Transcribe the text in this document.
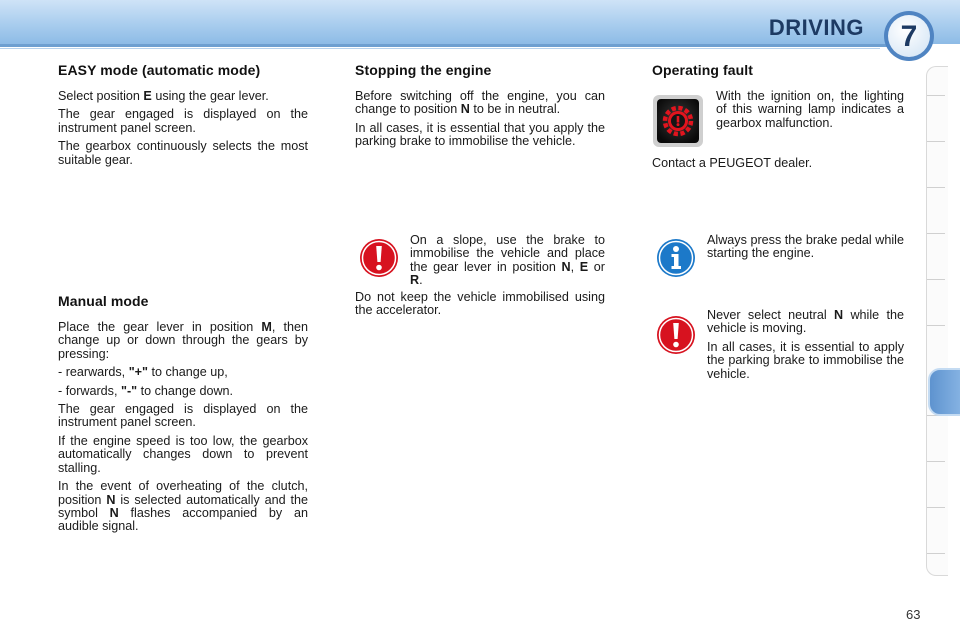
DRIVING 7
EASY mode (automatic mode)

Select position E using the gear lever.

The gear engaged is displayed on the instrument panel screen.

The gearbox continuously selects the most suitable gear.

Manual mode

Place the gear lever in position M, then change up or down through the gears by pressing:

- rearwards, "+" to change up,

- forwards, "-" to change down.

The gear engaged is displayed on the instrument panel screen.

If the engine speed is too low, the gearbox automatically changes down to prevent stalling.

In the event of overheating of the clutch, position N is selected automatically and the symbol N flashes accompanied by an audible signal.

Stopping the engine

Before switching off the engine, you can change to position N to be in neutral.

In all cases, it is essential that you apply the parking brake to immobilise the vehicle.

On a slope, use the brake to immobilise the vehicle and place the gear lever in position N, E or R.

Do not keep the vehicle immobilised using the accelerator.

Operating fault

With the ignition on, the lighting of this warning lamp indicates a gearbox malfunction.

Contact a PEUGEOT dealer.

Always press the brake pedal while starting the engine.

Never select neutral N while the vehicle is moving.

In all cases, it is essential to apply the parking brake to immobilise the vehicle.

63
